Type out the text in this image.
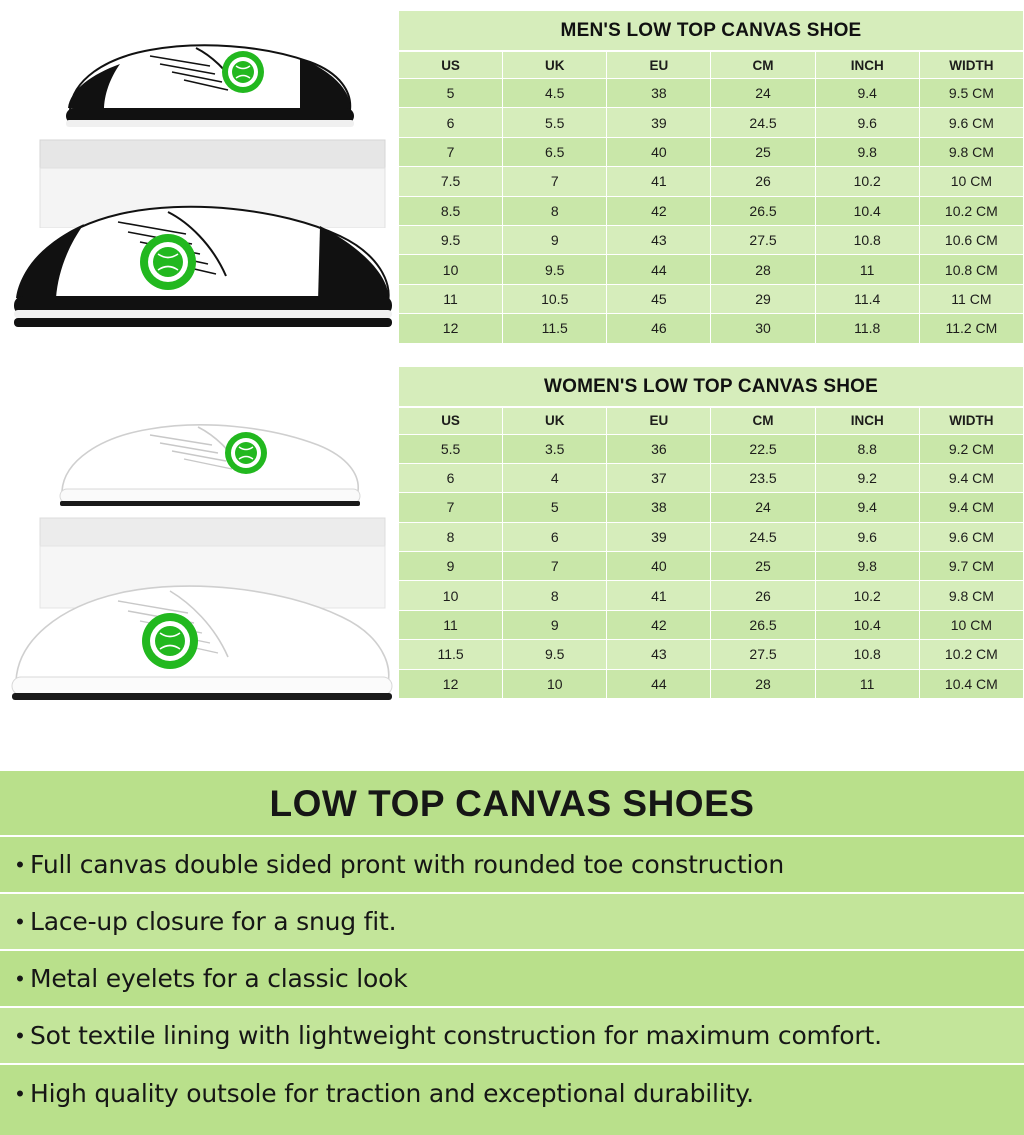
MEN'S LOW TOP CANVAS SHOE
US	UK	EU	CM	INCH	WIDTH
5	4.5	38	24	9.4	9.5 CM
6	5.5	39	24.5	9.6	9.6 CM
7	6.5	40	25	9.8	9.8 CM
7.5	7	41	26	10.2	10 CM
8.5	8	42	26.5	10.4	10.2 CM
9.5	9	43	27.5	10.8	10.6 CM
10	9.5	44	28	11	10.8 CM
11	10.5	45	29	11.4	11 CM
12	11.5	46	30	11.8	11.2 CM
WOMEN'S LOW TOP CANVAS SHOE
US	UK	EU	CM	INCH	WIDTH
5.5	3.5	36	22.5	8.8	9.2 CM
6	4	37	23.5	9.2	9.4 CM
7	5	38	24	9.4	9.4 CM
8	6	39	24.5	9.6	9.6 CM
9	7	40	25	9.8	9.7 CM
10	8	41	26	10.2	9.8 CM
11	9	42	26.5	10.4	10 CM
11.5	9.5	43	27.5	10.8	10.2 CM
12	10	44	28	11	10.4 CM
LOW TOP CANVAS SHOES
• Full canvas double sided pront with rounded toe construction
• Lace-up closure for a snug fit.
• Metal eyelets for a classic look
• Sot textile lining with lightweight construction for maximum comfort.
• High quality outsole for traction and exceptional durability.
